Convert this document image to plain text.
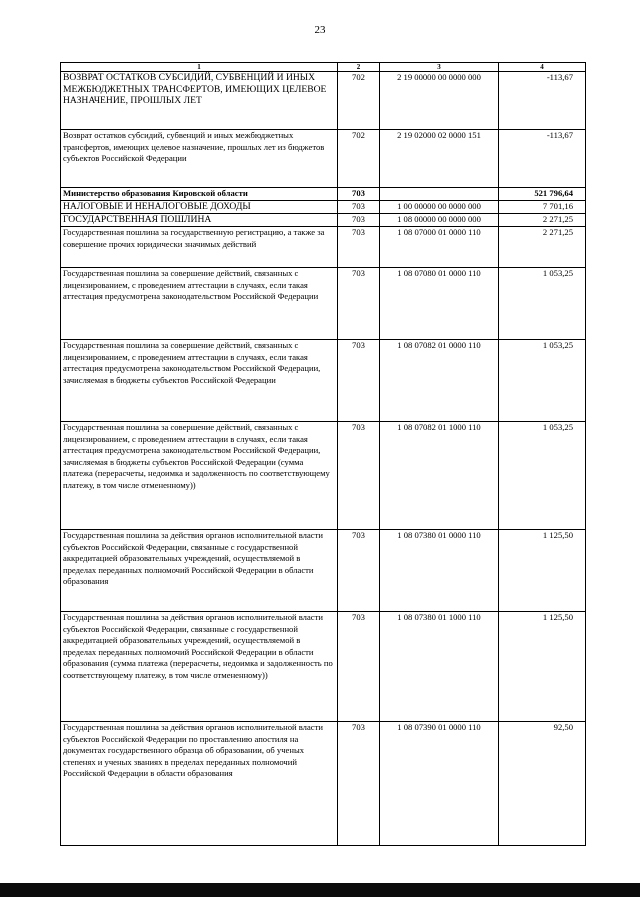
23
1	2	3	4
ВОЗВРАТ ОСТАТКОВ СУБСИДИЙ, СУБВЕНЦИЙ И ИНЫХ МЕЖБЮДЖЕТНЫХ ТРАНСФЕРТОВ, ИМЕЮЩИХ ЦЕЛЕВОЕ НАЗНАЧЕНИЕ, ПРОШЛЫХ ЛЕТ	702	2 19 00000 00 0000 000	-113,67
Возврат остатков субсидий, субвенций и иных межбюджетных трансфертов, имеющих целевое назначение, прошлых лет из бюджетов субъектов Российской Федерации	702	2 19 02000 02 0000 151	-113,67
Министерство образования Кировской области	703		521 796,64
НАЛОГОВЫЕ И НЕНАЛОГОВЫЕ ДОХОДЫ	703	1 00 00000 00 0000 000	7 701,16
ГОСУДАРСТВЕННАЯ ПОШЛИНА	703	1 08 00000 00 0000 000	2 271,25
Государственная пошлина за государственную регистрацию, а также за совершение прочих юридически значимых действий	703	1 08 07000 01 0000 110	2 271,25
Государственная пошлина за совершение действий, связанных с лицензированием, с проведением аттестации в случаях, если такая аттестация предусмотрена законодательством Российской Федерации	703	1 08 07080 01 0000 110	1 053,25
Государственная пошлина за совершение действий, связанных с лицензированием, с проведением аттестации в случаях, если такая аттестация предусмотрена законодательством Российской Федерации, зачисляемая в бюджеты субъектов Российской Федерации	703	1 08 07082 01 0000 110	1 053,25
Государственная пошлина за совершение действий, связанных с лицензированием, с проведением аттестации в случаях, если такая аттестация предусмотрена законодательством Российской Федерации, зачисляемая в бюджеты субъектов Российской Федерации (сумма платежа (перерасчеты, недоимка и задолженность по соответствующему платежу, в том числе отмененному))	703	1 08 07082 01 1000 110	1 053,25
Государственная пошлина за действия органов исполнительной власти субъектов Российской Федерации, связанные с государственной аккредитацией образовательных учреждений, осуществляемой в пределах переданных полномочий Российской Федерации в области образования	703	1 08 07380 01 0000 110	1 125,50
Государственная пошлина за действия органов исполнительной власти субъектов Российской Федерации, связанные с государственной аккредитацией образовательных учреждений, осуществляемой в пределах переданных полномочий Российской Федерации в области образования (сумма платежа (перерасчеты, недоимка и задолженность по соответствующему платежу, в том числе отмененному))	703	1 08 07380 01 1000 110	1 125,50
Государственная пошлина за действия органов исполнительной власти субъектов Российской Федерации по проставлению апостиля на документах государственного образца об образовании, об ученых степенях и ученых званиях в пределах переданных полномочий Российской Федерации в области образования	703	1 08 07390 01 0000 110	92,50
